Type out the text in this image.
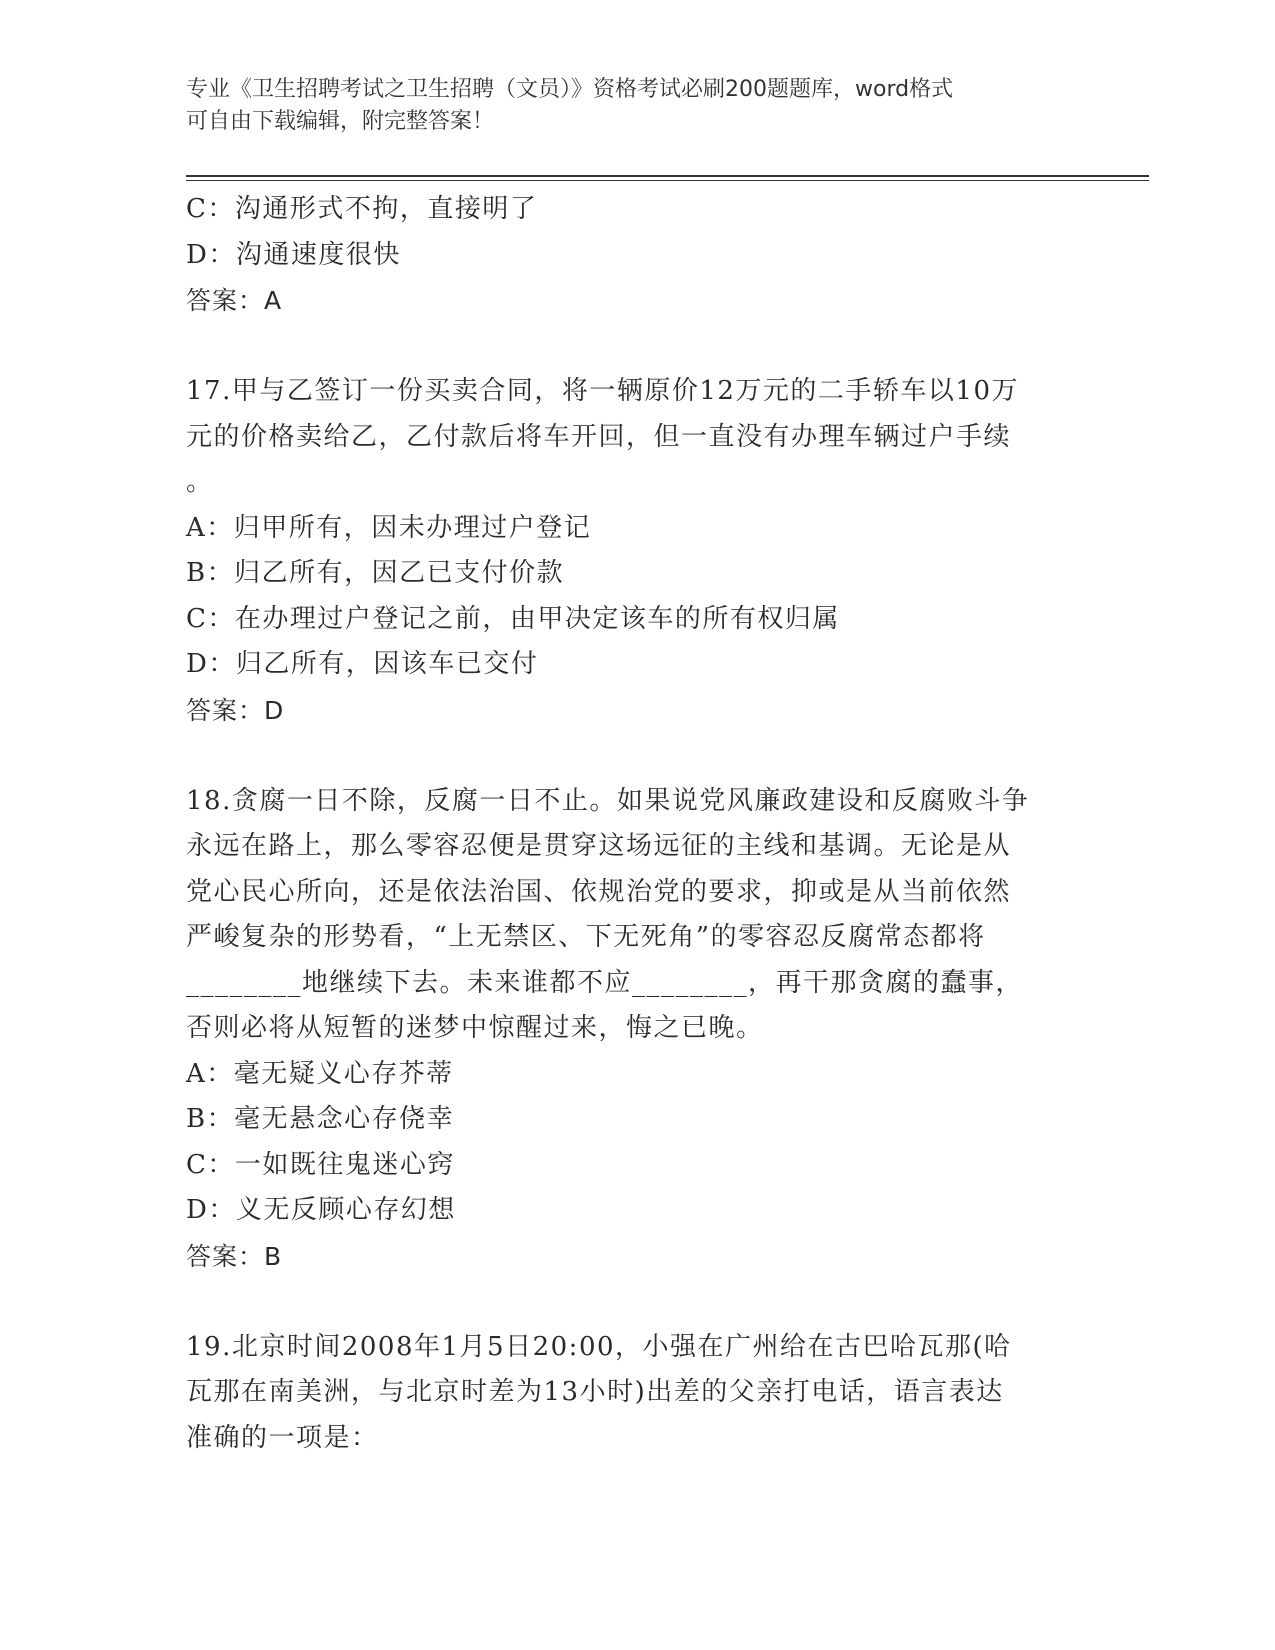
专业《卫生招聘考试之卫生招聘（文员）》资格考试必刷200题题库，word格式
可自由下载编辑，附完整答案！
C：沟通形式不拘，直接明了
D：沟通速度很快
答案：A
17.甲与乙签订一份买卖合同，将一辆原价12万元的二手轿车以10万
元的价格卖给乙，乙付款后将车开回，但一直没有办理车辆过户手续
。
A：归甲所有，因未办理过户登记
B：归乙所有，因乙已支付价款
C：在办理过户登记之前，由甲决定该车的所有权归属
D：归乙所有，因该车已交付
答案：D
18.贪腐一日不除，反腐一日不止。如果说党风廉政建设和反腐败斗争
永远在路上，那么零容忍便是贯穿这场远征的主线和基调。无论是从
党心民心所向，还是依法治国、依规治党的要求，抑或是从当前依然
严峻复杂的形势看，“上无禁区、下无死角”的零容忍反腐常态都将
________地继续下去。未来谁都不应________，再干那贪腐的蠢事，
否则必将从短暂的迷梦中惊醒过来，悔之已晚。
A：毫无疑义心存芥蒂
B：毫无悬念心存侥幸
C：一如既往鬼迷心窍
D：义无反顾心存幻想
答案：B
19.北京时间2008年1月5日20:00，小强在广州给在古巴哈瓦那(哈
瓦那在南美洲，与北京时差为13小时)出差的父亲打电话，语言表达
准确的一项是：
